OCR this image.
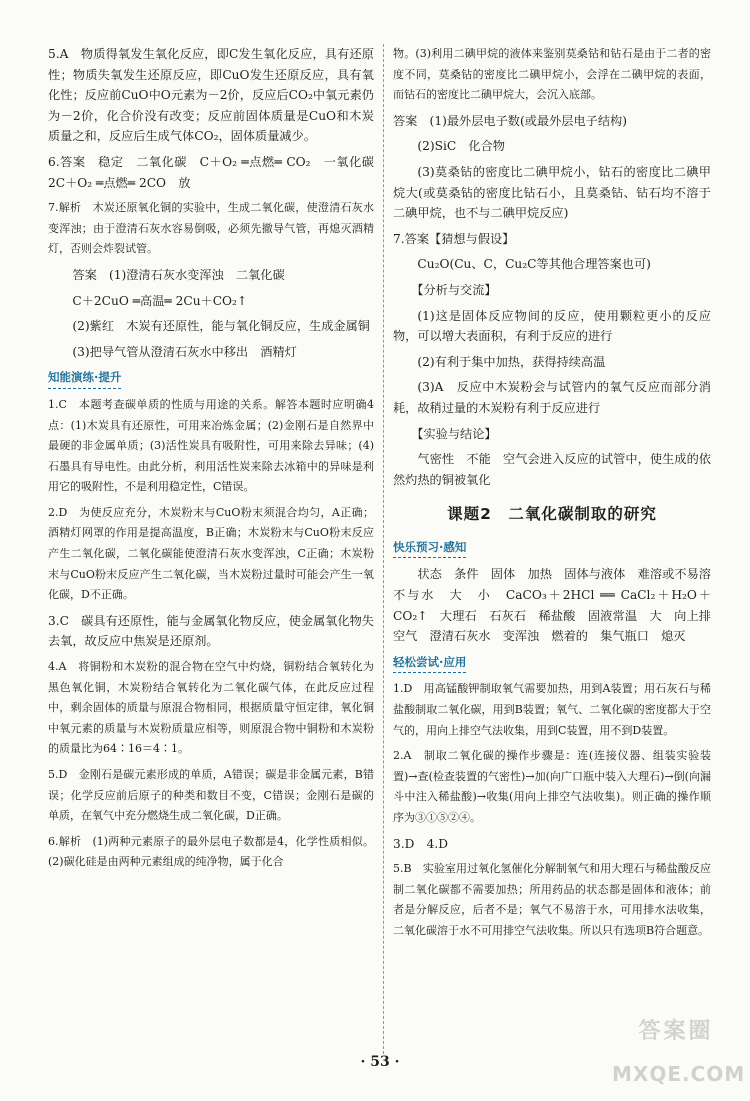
5.A　物质得氧发生氧化反应，即C发生氧化反应，具有还原性；物质失氧发生还原反应，即CuO发生还原反应，具有氧化性；反应前CuO中O元素为－2价，反应后CO₂中氧元素仍为－2价，化合价没有改变；反应前固体质量是CuO和木炭质量之和，反应后生成气体CO₂，固体质量减少。
6.答案　稳定　二氧化碳　C＋O₂ ═点燃═ CO₂　一氧化碳　2C＋O₂ ═点燃═ 2CO　放
7.解析　木炭还原氧化铜的实验中，生成二氧化碳，使澄清石灰水变浑浊；由于澄清石灰水容易倒吸，必须先撤导气管，再熄灭酒精灯，否则会炸裂试管。
答案　(1)澄清石灰水变浑浊　二氧化碳
C＋2CuO ═高温═ 2Cu＋CO₂↑
(2)紫红　木炭有还原性，能与氧化铜反应，生成金属铜
(3)把导气管从澄清石灰水中移出　酒精灯
知能演练·提升
1.C　本题考查碳单质的性质与用途的关系。解答本题时应明确4点：(1)木炭具有还原性，可用来冶炼金属；(2)金刚石是自然界中最硬的非金属单质；(3)活性炭具有吸附性，可用来除去异味；(4)石墨具有导电性。由此分析，利用活性炭来除去冰箱中的异味是利用它的吸附性，不是利用稳定性，C错误。
2.D　为使反应充分，木炭粉末与CuO粉末须混合均匀，A正确；酒精灯网罩的作用是提高温度，B正确；木炭粉末与CuO粉末反应产生二氧化碳，二氧化碳能使澄清石灰水变浑浊，C正确；木炭粉末与CuO粉末反应产生二氧化碳，当木炭粉过量时可能会产生一氧化碳，D不正确。
3.C　碳具有还原性，能与金属氧化物反应，使金属氧化物失去氧，故反应中焦炭是还原剂。
4.A　将铜粉和木炭粉的混合物在空气中灼烧，铜粉结合氧转化为黑色氧化铜，木炭粉结合氧转化为二氧化碳气体，在此反应过程中，剩余固体的质量与原混合物相同，根据质量守恒定律，氧化铜中氧元素的质量与木炭粉质量应相等，则原混合物中铜粉和木炭粉的质量比为64∶16＝4∶1。
5.D　金刚石是碳元素形成的单质，A错误；碳是非金属元素，B错误；化学反应前后原子的种类和数目不变，C错误；金刚石是碳的单质，在氧气中充分燃烧生成二氧化碳，D正确。
6.解析　(1)两种元素原子的最外层电子数都是4，化学性质相似。(2)碳化硅是由两种元素组成的纯净物，属于化合
物。(3)利用二碘甲烷的液体来鉴别莫桑钻和钻石是由于二者的密度不同，莫桑钻的密度比二碘甲烷小，会浮在二碘甲烷的表面，而钻石的密度比二碘甲烷大，会沉入底部。
答案　(1)最外层电子数(或最外层电子结构)
(2)SiC　化合物
(3)莫桑钻的密度比二碘甲烷小，钻石的密度比二碘甲烷大(或莫桑钻的密度比钻石小，且莫桑钻、钻石均不溶于二碘甲烷，也不与二碘甲烷反应)
7.答案【猜想与假设】
Cu₂O(Cu、C，Cu₂C等其他合理答案也可)
【分析与交流】
(1)这是固体反应物间的反应，使用颗粒更小的反应物，可以增大表面积，有利于反应的进行
(2)有利于集中加热，获得持续高温
(3)A　反应中木炭粉会与试管内的氧气反应而部分消耗，故稍过量的木炭粉有利于反应进行
【实验与结论】
气密性　不能　空气会进入反应的试管中，使生成的依然灼热的铜被氧化
课题2　二氧化碳制取的研究
快乐预习·感知
状态　条件　固体　加热　固体与液体　难溶或不易溶　不与水　大　小　CaCO₃＋2HCl ══ CaCl₂＋H₂O＋CO₂↑　大理石　石灰石　稀盐酸　固液常温　大　向上排空气　澄清石灰水　变浑浊　燃着的　集气瓶口　熄灭
轻松尝试·应用
1.D　用高锰酸钾制取氧气需要加热，用到A装置；用石灰石与稀盐酸制取二氧化碳，用到B装置；氧气、二氧化碳的密度都大于空气的，用向上排空气法收集，用到C装置，用不到D装置。
2.A　制取二氧化碳的操作步骤是：连(连接仪器、组装实验装置)→查(检查装置的气密性)→加(向广口瓶中装入大理石)→倒(向漏斗中注入稀盐酸)→收集(用向上排空气法收集)。则正确的操作顺序为③①⑤②④。
3.D　4.D
5.B　实验室用过氧化氢催化分解制氧气和用大理石与稀盐酸反应制二氧化碳都不需要加热；所用药品的状态都是固体和液体；前者是分解反应，后者不是；氧气不易溶于水，可用排水法收集，二氧化碳溶于水不可用排空气法收集。所以只有选项B符合题意。
· 53 ·
答案圈
MXQE.COM
